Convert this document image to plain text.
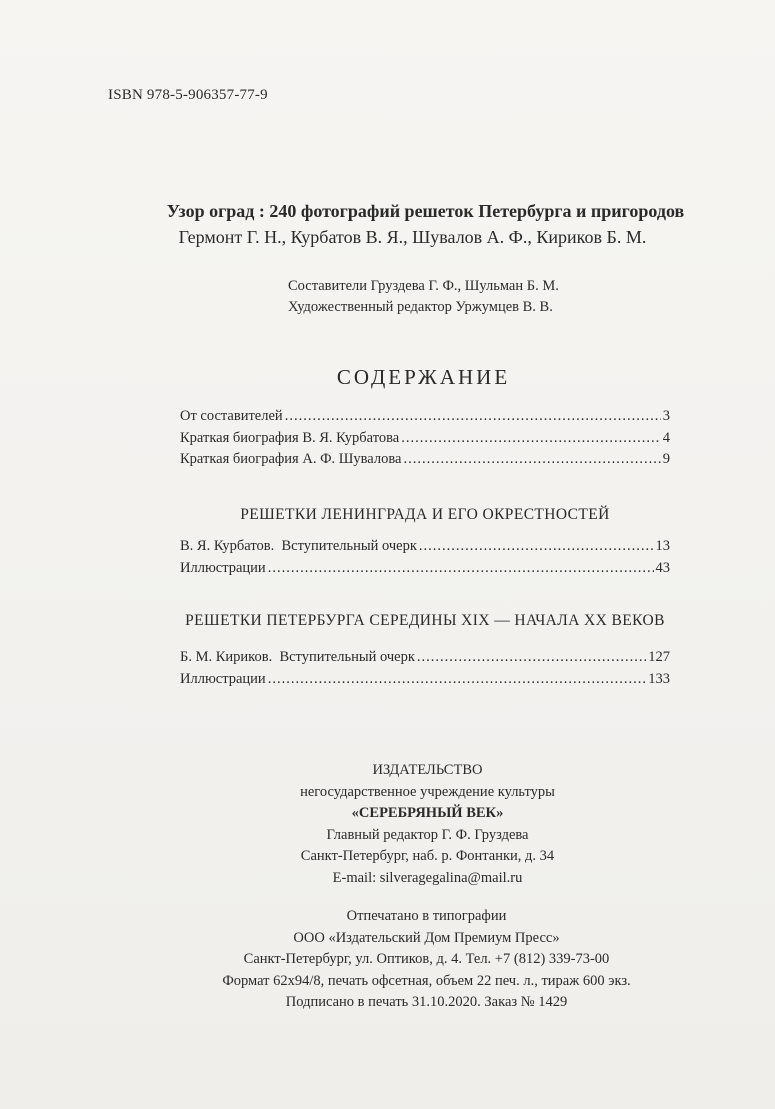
ISBN 978-5-906357-77-9
Узор оград : 240 фотографий решеток Петербурга и пригородов
Гермонт Г. Н., Курбатов В. Я., Шувалов А. Ф., Кириков Б. М.
Составители Груздева Г. Ф., Шульман Б. М.
Художественный редактор Уржумцев В. В.
СОДЕРЖАНИЕ
От составителей .....	3
Краткая биография В. Я. Курбатова .....	4
Краткая биография А. Ф. Шувалова .....	9
РЕШЕТКИ ЛЕНИНГРАДА И ЕГО ОКРЕСТНОСТЕЙ
В. Я. Курбатов.  Вступительный очерк .....	13
Иллюстрации .....	43
РЕШЕТКИ ПЕТЕРБУРГА СЕРЕДИНЫ XIX — НАЧАЛА XX ВЕКОВ
Б. М. Кириков.  Вступительный очерк .....	127
Иллюстрации .....	133
ИЗДАТЕЛЬСТВО
негосударственное учреждение культуры
«СЕРЕБРЯНЫЙ ВЕК»
Главный редактор Г. Ф. Груздева
Санкт-Петербург, наб. р. Фонтанки, д. 34
E-mail: silveragegalina@mail.ru
Отпечатано в типографии
ООО «Издательский Дом Премиум Пресс»
Санкт-Петербург, ул. Оптиков, д. 4. Тел. +7 (812) 339-73-00
Формат 62x94/8, печать офсетная, объем 22 печ. л., тираж 600 экз.
Подписано в печать 31.10.2020. Заказ № 1429
